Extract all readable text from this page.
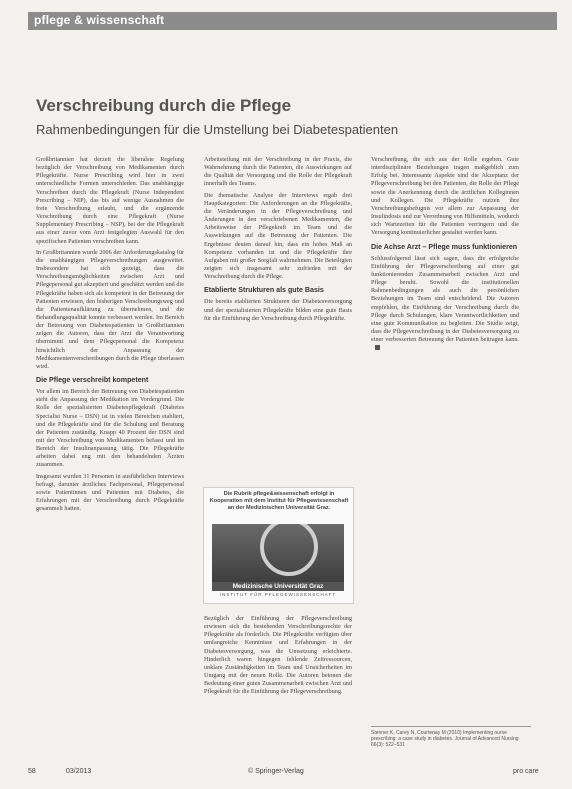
pflege & wissenschaft
Verschreibung durch die Pflege
Rahmenbedingungen für die Umstellung bei Diabetespatienten

Großbritannien hat derzeit die liberalste Regelung bezüglich der Verschreibung von Medikamenten durch Pflegekräfte. Nurse Prescribing wird hier in zwei unterschiedliche Formen unterschieden. Das unabhängige Verschreiben durch die Pflegekraft (Nurse Independent Prescribing – NIP), das bis auf wenige Ausnahmen die freie Verschreibung erlaubt, und die ergänzende Verschreibung durch eine Pflegekraft (Nurse Supplementary Prescribing – NSP), bei der die Pflegekraft aus einer zuvor vom Arzt festgelegten Auswahl für den spezifischen Patienten verschreiben kann.

In Großbritannien wurde 2006 der Anforderungskatalog für die unabhängigen Pflegeverschreibungen ausgeweitet. Insbesondere hat sich gezeigt, dass die Verschreibungsmöglichkeiten zwischen Arzt und Pflegepersonal gut akzeptiert und geschätzt werden und die Pflegekräfte haben sich als kompetent in der Betreuung der Patienten erwiesen, den bisherigen Verschreibungsweg und die Patientenaufklärung zu übernehmen, und die Behandlungsqualität konnte verbessert werden. Im Bereich der Betreuung von Diabetespatienten in Großbritannien zeigen die Autoren, dass der Arzt die Verantwortung übernimmt und dem Pflegepersonal die Kompetenz hinsichtlich der Anpassung der Medikamentenverschreibungen durch die Pflege überlassen wird.

Die Pflege verschreibt kompetent

Vor allem im Bereich der Betreuung von Diabetespatienten steht die Anpassung der Medikation im Vordergrund. Die Rolle der spezialisierten Diabetespflegekraft (Diabetes Specialist Nurse – DSN) ist in vielen Bereichen etabliert, und die Pflegekräfte sind für die Schulung und Beratung der Patienten zuständig. Knapp 40 Prozent der DSN sind mit der Verschreibung von Medikamenten befasst und im Bereich der Insulinanpassung tätig. Die Pflegekräfte arbeiten dabei eng mit den behandelnden Ärzten zusammen.

Insgesamt wurden 31 Personen in ausführlichen Interviews befragt, darunter ärztliches Fachpersonal, Pflegepersonal sowie Patientinnen und Patienten mit Diabetes, die Erfahrungen mit der Verschreibung durch Pflegekräfte gesammelt hatten.

Arbeitsteilung mit der Verschreibung in der Praxis, die Wahrnehmung durch die Patienten, die Auswirkungen auf die Qualität der Versorgung und die Rolle der Pflegekraft innerhalb des Teams.

Die thematische Analyse der Interviews ergab drei Hauptkategorien: Die Anforderungen an die Pflegekräfte, die Veränderungen in der Pflegeverschreibung und Änderungen in den verschriebenen Medikamenten, die Arbeitsweise der Pflegekraft im Team und die Auswirkungen auf die Betreuung der Patienten. Die Ergebnisse deuten darauf hin, dass ein hohes Maß an Kompetenz vorhanden ist und die Pflegekräfte ihre Aufgaben mit großer Sorgfalt wahrnehmen. Die Beteiligten zeigten sich insgesamt sehr zufrieden mit der Verschreibung durch die Pflege.

Etablierte Strukturen als gute Basis

Die bereits etablierten Strukturen der Diabetesversorgung und der spezialisierten Pflegekräfte bilden eine gute Basis für die Einführung der Verschreibung durch Pflegekräfte.

Die Rubrik pflege&wissenschaft erfolgt in Kooperation mit dem Institut für Pflegewissenschaft an der Medizinischen Universität Graz.
Medizinische Universität Graz
INSTITUT FÜR PFLEGEWISSENSCHAFT

Bezüglich der Einführung der Pflegeverschreibung erwiesen sich die bestehenden Verschreibungsrechte der Pflegekräfte als förderlich. Die Pflegekräfte verfügten über umfangreiche Kenntnisse und Erfahrungen in der Diabetesversorgung, was die Umsetzung erleichterte. Hinderlich waren hingegen fehlende Zeitressourcen, unklare Zuständigkeiten im Team und Unsicherheiten im Umgang mit der neuen Rolle. Die Autoren betonen die Bedeutung einer guten Zusammenarbeit zwischen Arzt und Pflegekraft für die Einführung der Pflegeverschreibung.

Verschreibung, die sich aus der Rolle ergeben. Gute interdisziplinäre Beziehungen tragen maßgeblich zum Erfolg bei. Interessante Aspekte sind die Akzeptanz der Pflegeverschreibung bei den Patienten, die Rolle der Pflege sowie die Anerkennung durch die ärztlichen Kolleginnen und Kollegen. Die Pflegekräfte nutzen ihre Verschreibungsbefugnis vor allem zur Anpassung der Insulindosis und zur Verordnung von Hilfsmitteln, wodurch sich Wartezeiten für die Patienten verringern und die Versorgung kontinuierlicher gestaltet werden kann.

Die Achse Arzt – Pflege muss funktionieren

Schlussfolgernd lässt sich sagen, dass die erfolgreiche Einführung der Pflegeverschreibung auf einer gut funktionierenden Zusammenarbeit zwischen Arzt und Pflege beruht. Sowohl die institutionellen Rahmenbedingungen als auch die persönlichen Beziehungen im Team sind entscheidend. Die Autoren empfehlen, die Einführung der Verschreibung durch die Pflege durch Schulungen, klare Verantwortlichkeiten und eine gute Kommunikation zu begleiten. Die Studie zeigt, dass die Pflegeverschreibung in der Diabetesversorgung zu einer verbesserten Betreuung der Patienten beitragen kann.

Stenner K, Carey N, Courtenay M (2010) Implementing nurse prescribing: a case study in diabetes. Journal of Advanced Nursing 66(3): 522–531
58	03/2013	© Springer-Verlag	pro care
